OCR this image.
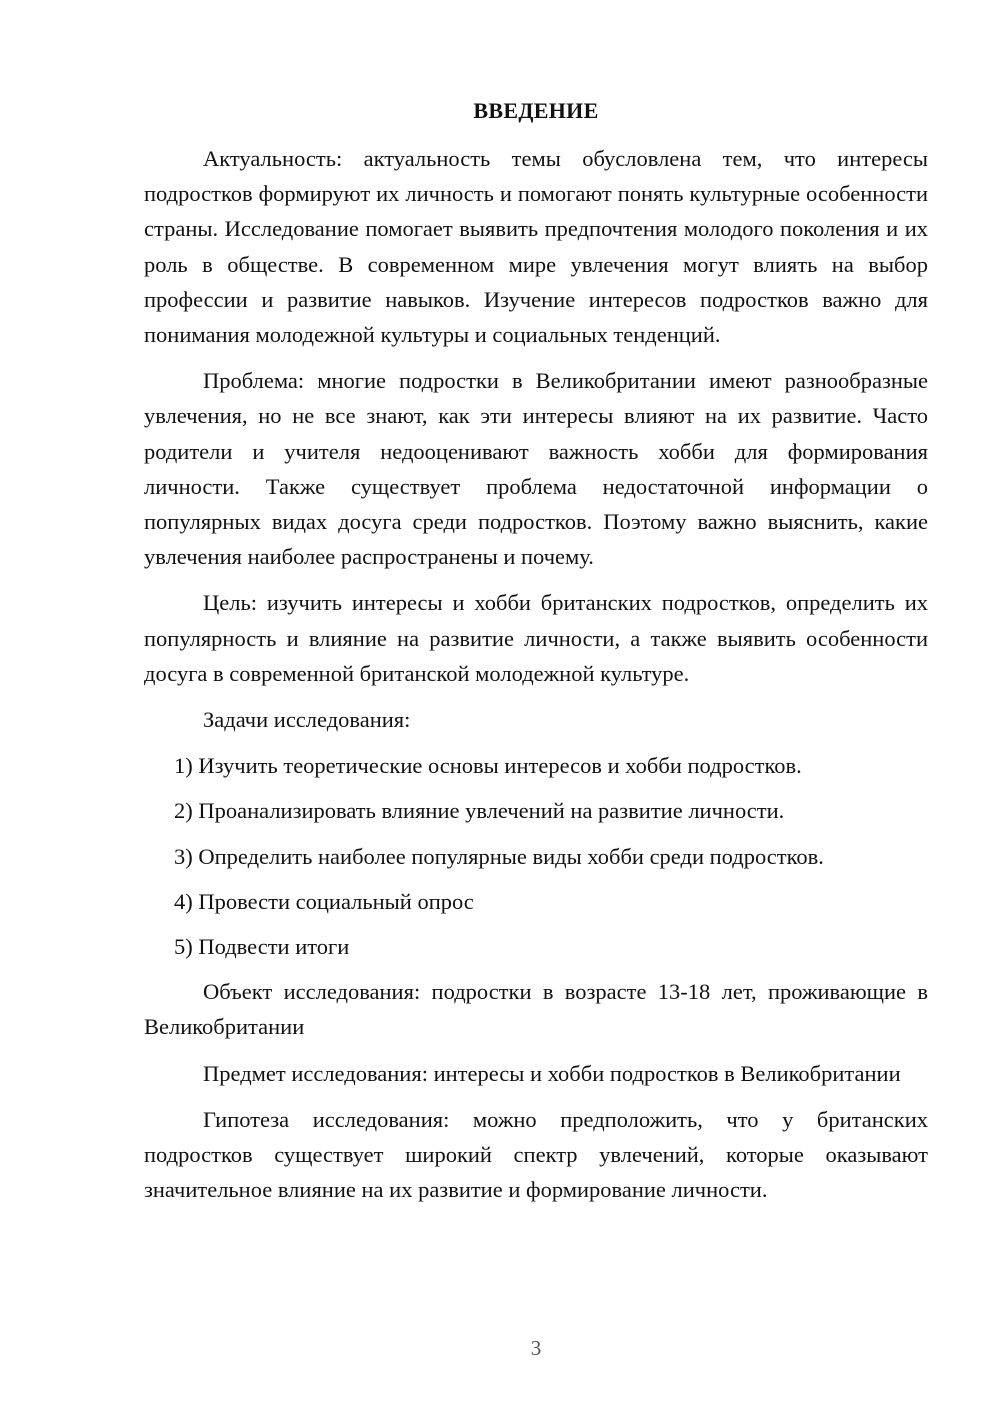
ВВЕДЕНИЕ

Актуальность: актуальность темы обусловлена тем, что интересы подростков формируют их личность и помогают понять культурные особенности страны. Исследование помогает выявить предпочтения молодого поколения и их роль в обществе. В современном мире увлечения могут влиять на выбор профессии и развитие навыков. Изучение интересов подростков важно для понимания молодежной культуры и социальных тенденций.

Проблема: многие подростки в Великобритании имеют разнообразные увлечения, но не все знают, как эти интересы влияют на их развитие. Часто родители и учителя недооценивают важность хобби для формирования личности. Также существует проблема недостаточной информации о популярных видах досуга среди подростков. Поэтому важно выяснить, какие увлечения наиболее распространены и почему.

Цель: изучить интересы и хобби британских подростков, определить их популярность и влияние на развитие личности, а также выявить особенности досуга в современной британской молодежной культуре.

Задачи исследования:

1) Изучить теоретические основы интересов и хобби подростков.
2) Проанализировать влияние увлечений на развитие личности.
3) Определить наиболее популярные виды хобби среди подростков.
4) Провести социальный опрос
5) Подвести итоги

Объект исследования: подростки в возрасте 13-18 лет, проживающие в Великобритании

Предмет исследования: интересы и хобби подростков в Великобритании

Гипотеза исследования: можно предположить, что у британских подростков существует широкий спектр увлечений, которые оказывают значительное влияние на их развитие и формирование личности.

3
